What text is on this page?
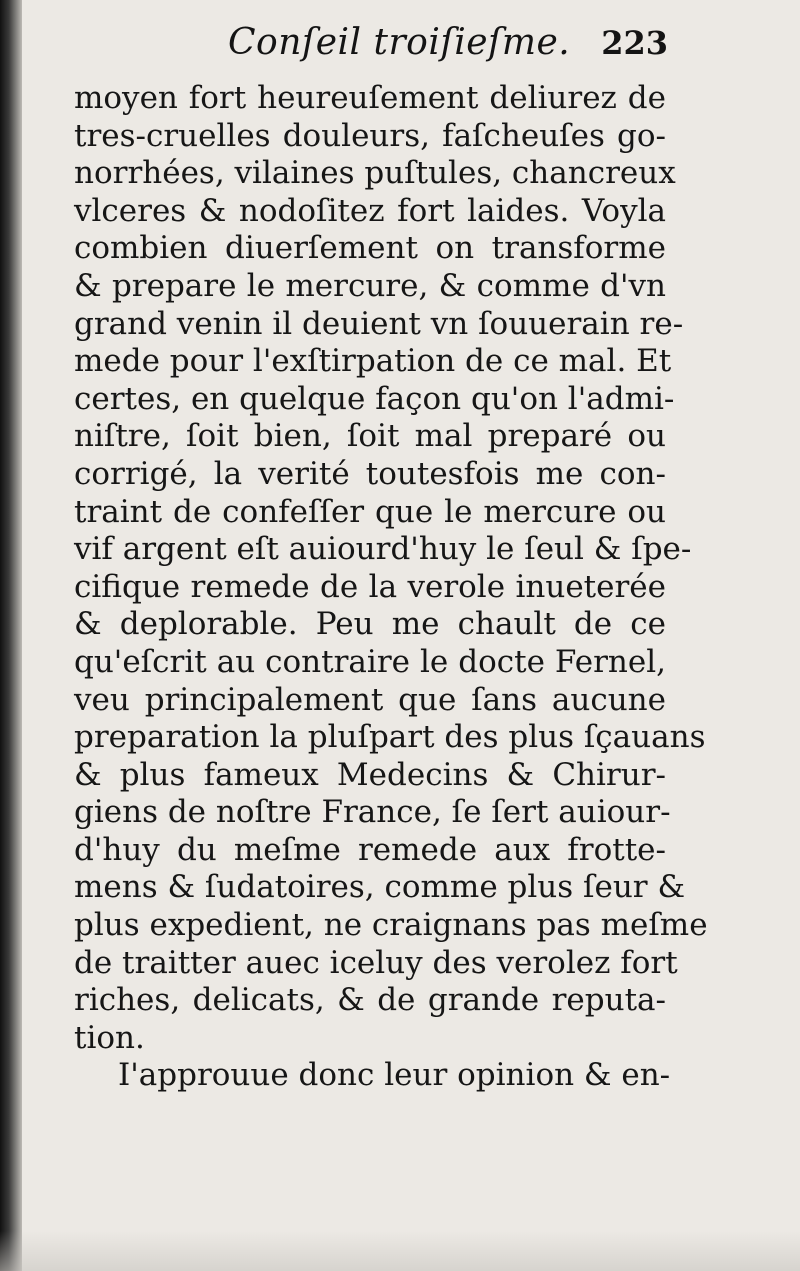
Conſeil troiſieſme. 223
moyen fort heureuſement deliurez de
tres-cruelles douleurs, faſcheuſes go-
norrhées, vilaines puſtules, chancreux
vlceres & nodoſitez fort laides. Voyla
combien diuerſement on transforme
& prepare le mercure, & comme d'vn
grand venin il deuient vn ſouuerain re-
mede pour l'exſtirpation de ce mal. Et
certes, en quelque façon qu'on l'admi-
niſtre, ſoit bien, ſoit mal preparé ou
corrigé, la verité toutesfois me con-
traint de confeſſer que le mercure ou
vif argent eſt auiourd'huy le ſeul & ſpe-
cifique remede de la verole inueterée
& deplorable. Peu me chault de ce
qu'eſcrit au contraire le docte Fernel,
veu principalement que ſans aucune
preparation la pluſpart des plus ſçauans
& plus fameux Medecins & Chirur-
giens de noſtre France, ſe ſert auiour-
d'huy du meſme remede aux frotte-
mens & ſudatoires, comme plus ſeur &
plus expedient, ne craignans pas meſme
de traitter auec iceluy des verolez fort
riches, delicats, & de grande reputa-
tion.
I'approuue donc leur opinion & en-
